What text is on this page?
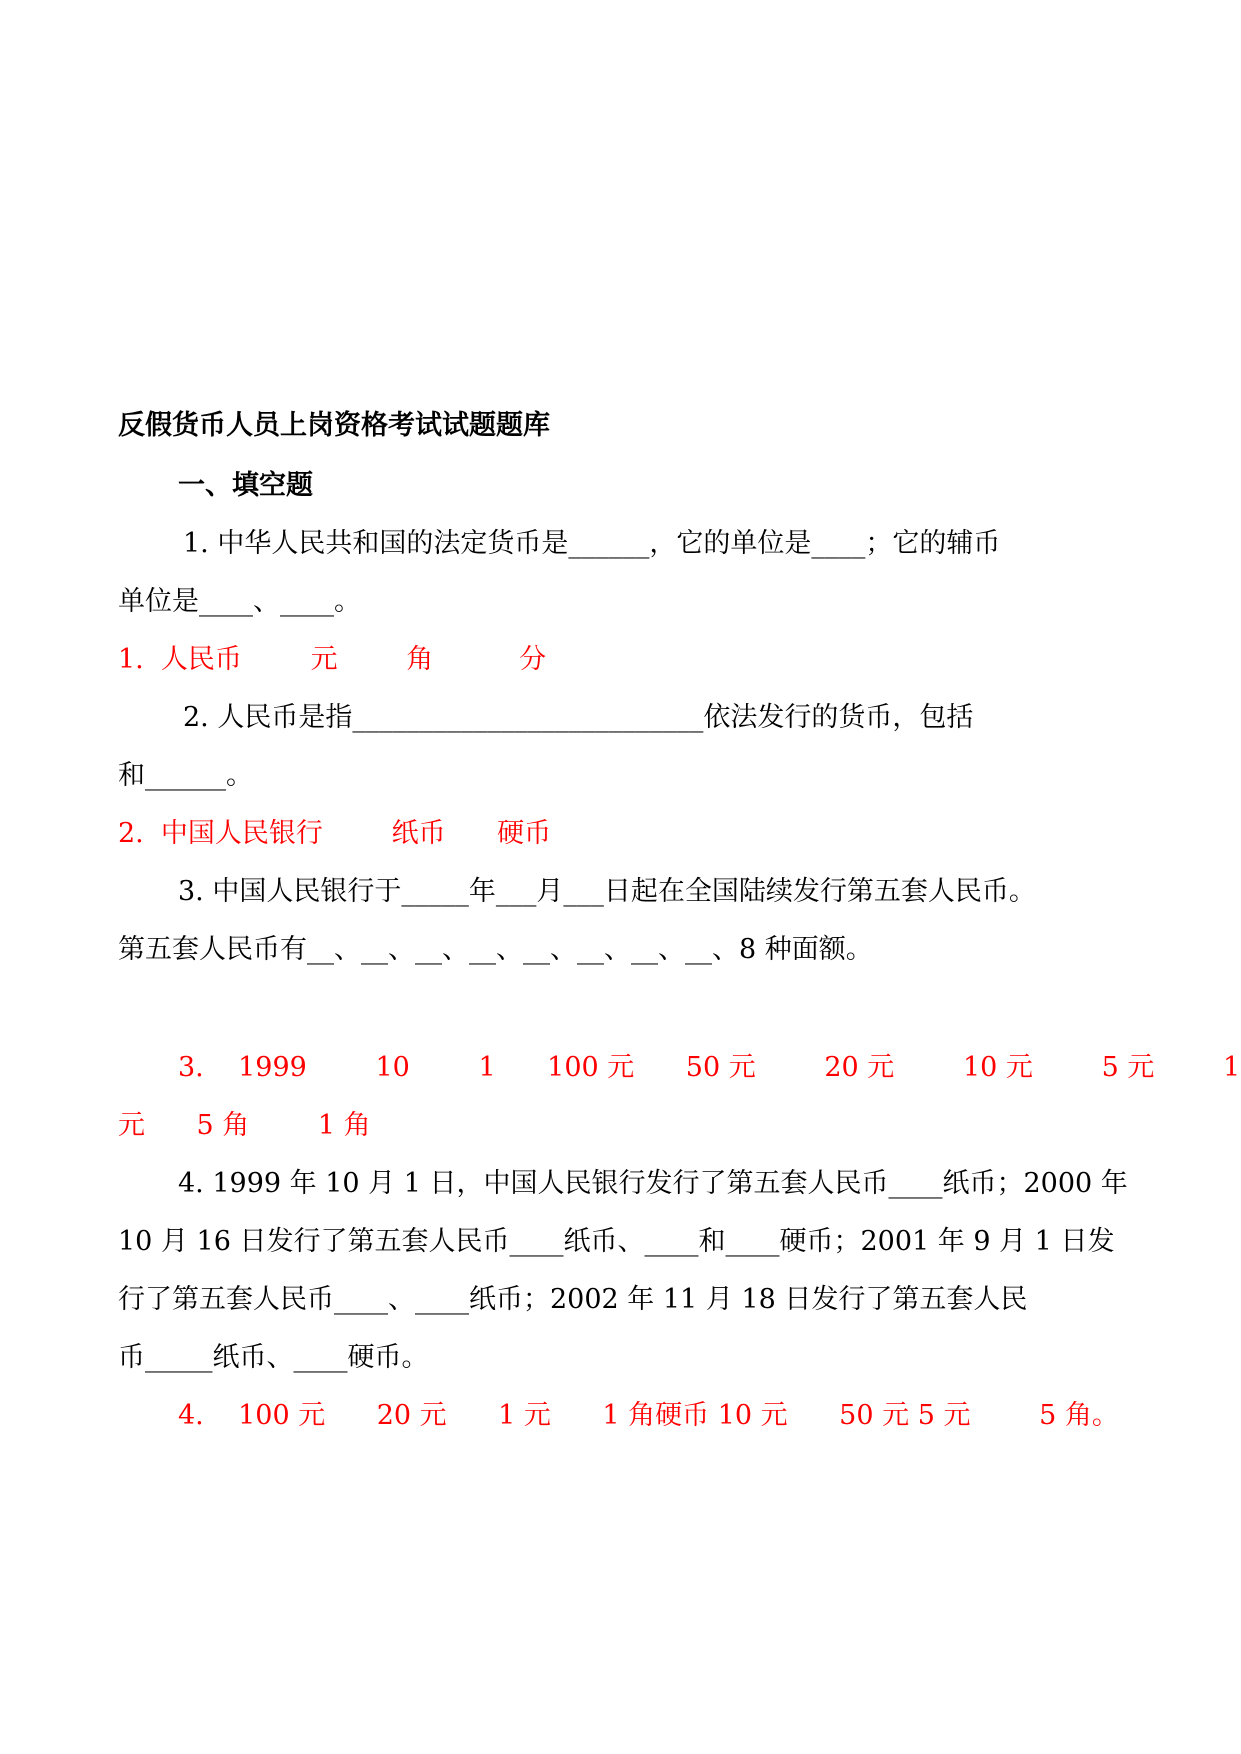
反假货币人员上岗资格考试试题题库
一、填空题
1. 中华人民共和国的法定货币是______，它的单位是____；它的辅币
单位是____、____。
1.  人民币        元        角          分
2. 人民币是指__________________________依法发行的货币，包括
和______。
2.  中国人民银行        纸币      硬币
3. 中国人民银行于_____年___月___日起在全国陆续发行第五套人民币。
第五套人民币有__、__、__、__、__、__、__、__、8 种面额。
3.    1999        10        1      100 元      50 元        20 元        10 元        5 元        1
元      5 角        1 角
4. 1999 年 10 月 1 日，中国人民银行发行了第五套人民币____纸币；2000 年
10 月 16 日发行了第五套人民币____纸币、____和____硬币；2001 年 9 月 1 日发
行了第五套人民币____、____纸币；2002 年 11 月 18 日发行了第五套人民
币_____纸币、____硬币。
4.    100 元      20 元      1 元      1 角硬币 10 元      50 元 5 元        5 角。
